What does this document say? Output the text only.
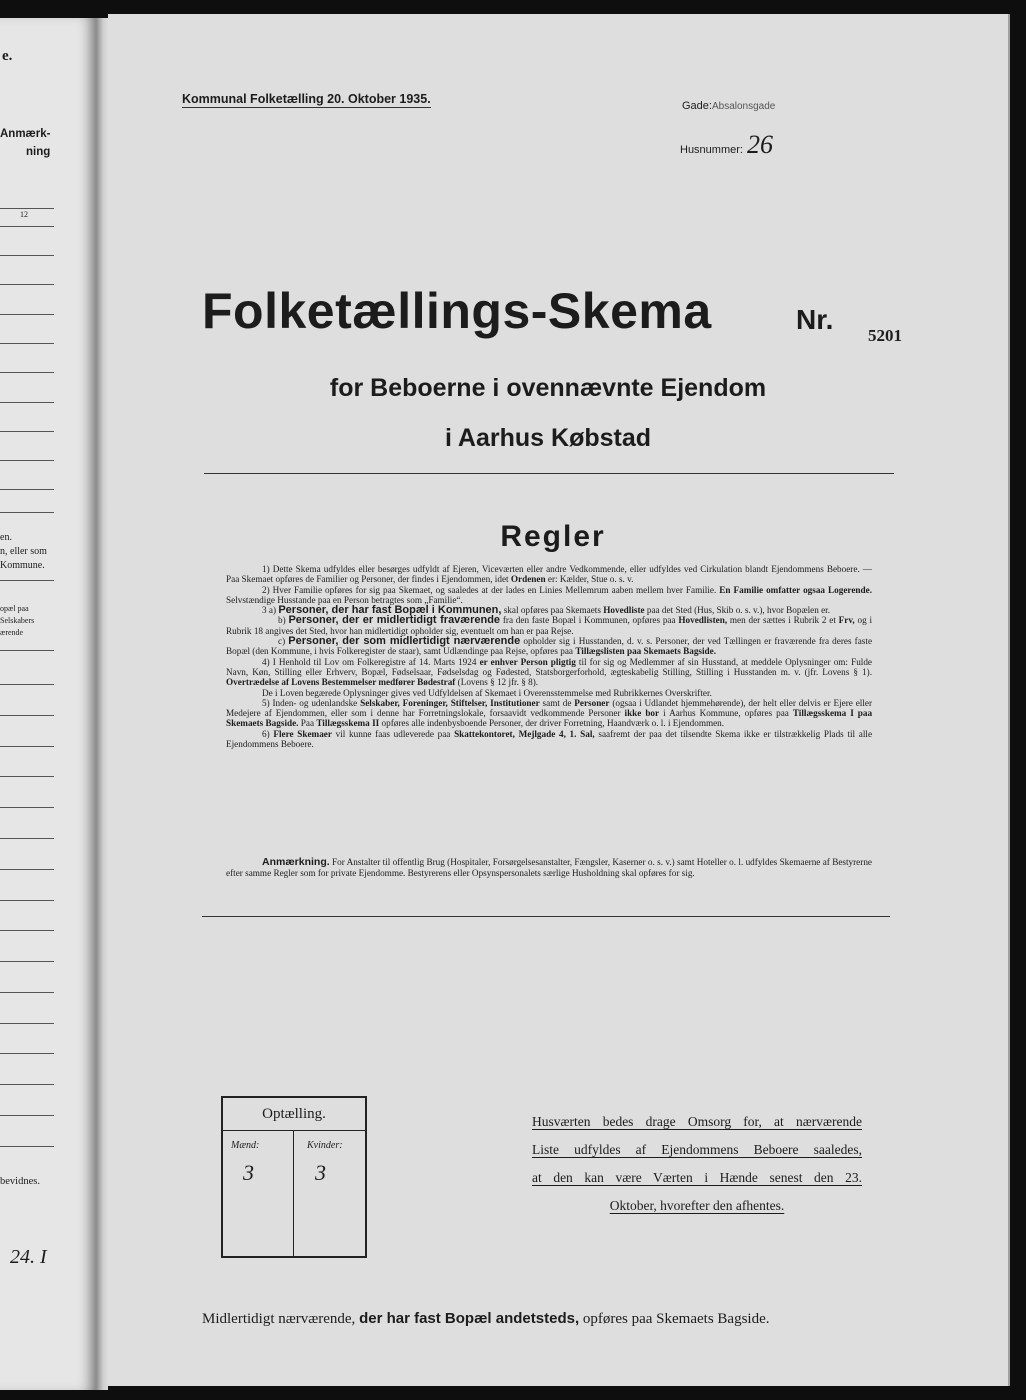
e.
Anmærk-
ning
12
en.
n, eller som
Kommune.
opæl paa
Selskabers
ærende
bevidnes.
24. I
Kommunal Folketælling 20. Oktober 1935.	Gade:Absalonsgade
Husnummer: 26
Folketællings-Skema	Nr.
5201
for Beboerne i ovennævnte Ejendom
i Aarhus Købstad
Regler

1) Dette Skema udfyldes eller besørges udfyldt af Ejeren, Viceværten eller andre Vedkommende, eller udfyldes ved Cirkulation blandt Ejendommens Beboere. — Paa Skemaet opføres de Familier og Personer, der findes i Ejendommen, idet Ordenen er: Kælder, Stue o. s. v.

2) Hver Familie opføres for sig paa Skemaet, og saaledes at der lades en Linies Mellemrum aaben mellem hver Familie. En Familie omfatter ogsaa Logerende. Selvstændige Husstande paa en Person betragtes som „Familie“.

3 a) Personer, der har fast Bopæl i Kommunen, skal opføres paa Skemaets Hovedliste paa det Sted (Hus, Skib o. s. v.), hvor Bopælen er.

b) Personer, der er midlertidigt fraværende fra den faste Bopæl i Kommunen, opføres paa Hovedlisten, men der sættes i Rubrik 2 et Frv, og i Rubrik 18 angives det Sted, hvor han midlertidigt opholder sig, eventuelt om han er paa Rejse.

c) Personer, der som midlertidigt nærværende opholder sig i Husstanden, d. v. s. Personer, der ved Tællingen er fraværende fra deres faste Bopæl (den Kommune, i hvis Folkeregister de staar), samt Udlændinge paa Rejse, opføres paa Tillægslisten paa Skemaets Bagside.

4) I Henhold til Lov om Folkeregistre af 14. Marts 1924 er enhver Person pligtig til for sig og Medlemmer af sin Husstand, at meddele Oplysninger om: Fulde Navn, Køn, Stilling eller Erhverv, Bopæl, Fødselsaar, Fødselsdag og Fødested, Statsborgerforhold, ægteskabelig Stilling, Stilling i Husstanden m. v. (jfr. Lovens § 1). Overtrædelse af Lovens Bestemmelser medfører Bødestraf (Lovens § 12 jfr. § 8).

De i Loven begærede Oplysninger gives ved Udfyldelsen af Skemaet i Overensstemmelse med Rubrikkernes Overskrifter.

5) Inden- og udenlandske Selskaber, Foreninger, Stiftelser, Institutioner samt de Personer (ogsaa i Udlandet hjemmehørende), der helt eller delvis er Ejere eller Medejere af Ejendommen, eller som i denne har Forretningslokale, forsaavidt vedkommende Personer ikke bor i Aarhus Kommune, opføres paa Tillægsskema I paa Skemaets Bagside. Paa Tillægsskema II opføres alle indenbysboende Personer, der driver Forretning, Haandværk o. l. i Ejendommen.

6) Flere Skemaer vil kunne faas udleverede paa Skattekontoret, Mejlgade 4, 1. Sal, saafremt der paa det tilsendte Skema ikke er tilstrækkelig Plads til alle Ejendommens Beboere.

Anmærkning. For Anstalter til offentlig Brug (Hospitaler, Forsørgelsesanstalter, Fængsler, Kaserner o. s. v.) samt Hoteller o. l. udfyldes Skemaerne af Bestyrerne efter samme Regler som for private Ejendomme. Bestyrerens eller Opsynspersonalets særlige Husholdning skal opføres for sig.

Optælling.
Mænd:	Kvinder:
3	3
Husværten bedes drage Omsorg for, at nærværende
Liste udfyldes af Ejendommens Beboere saaledes,
at den kan være Værten i Hænde senest den 23.
Oktober, hvorefter den afhentes.
Midlertidigt nærværende, der har fast Bopæl andetsteds, opføres paa Skemaets Bagside.
